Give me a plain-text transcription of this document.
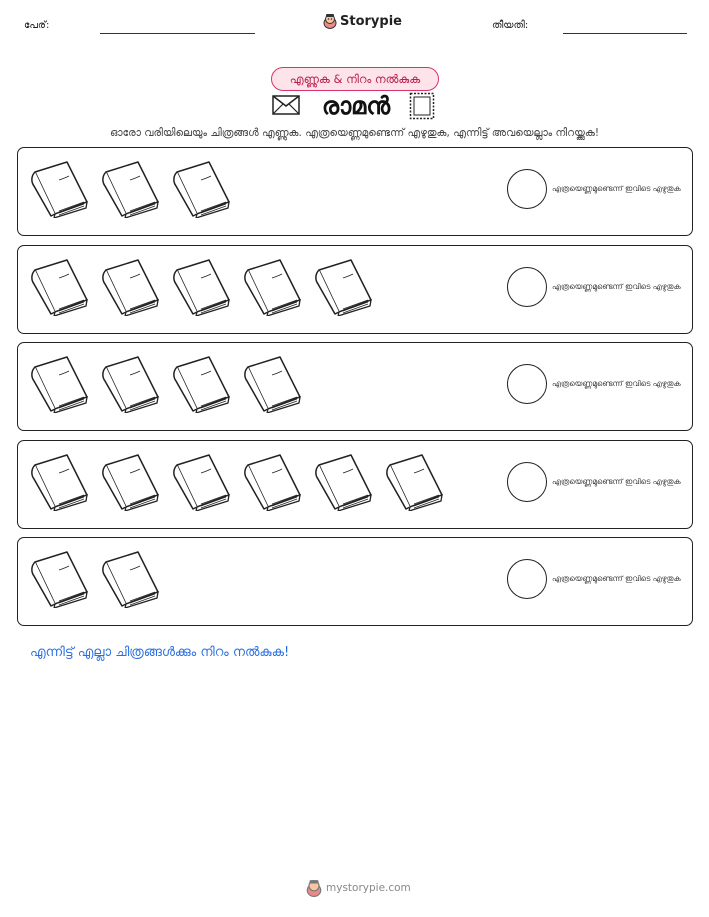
പേര്:	Storypie	തീയതി:
എണ്ണുക & നിറം നൽകുക
രാമൻ

ഓരോ വരിയിലെയും ചിത്രങ്ങൾ എണ്ണുക. എത്രയെണ്ണമുണ്ടെന്ന് എഴുതുക, എന്നിട്ട് അവയെല്ലാം നിറയ്ക്കുക!

എത്രയെണ്ണമുണ്ടെന്ന് ഇവിടെ എഴുതുക
എത്രയെണ്ണമുണ്ടെന്ന് ഇവിടെ എഴുതുക
എത്രയെണ്ണമുണ്ടെന്ന് ഇവിടെ എഴുതുക
എത്രയെണ്ണമുണ്ടെന്ന് ഇവിടെ എഴുതുക
എത്രയെണ്ണമുണ്ടെന്ന് ഇവിടെ എഴുതുക

എന്നിട്ട് എല്ലാ ചിത്രങ്ങൾക്കും നിറം നൽകുക!

mystorypie.com
